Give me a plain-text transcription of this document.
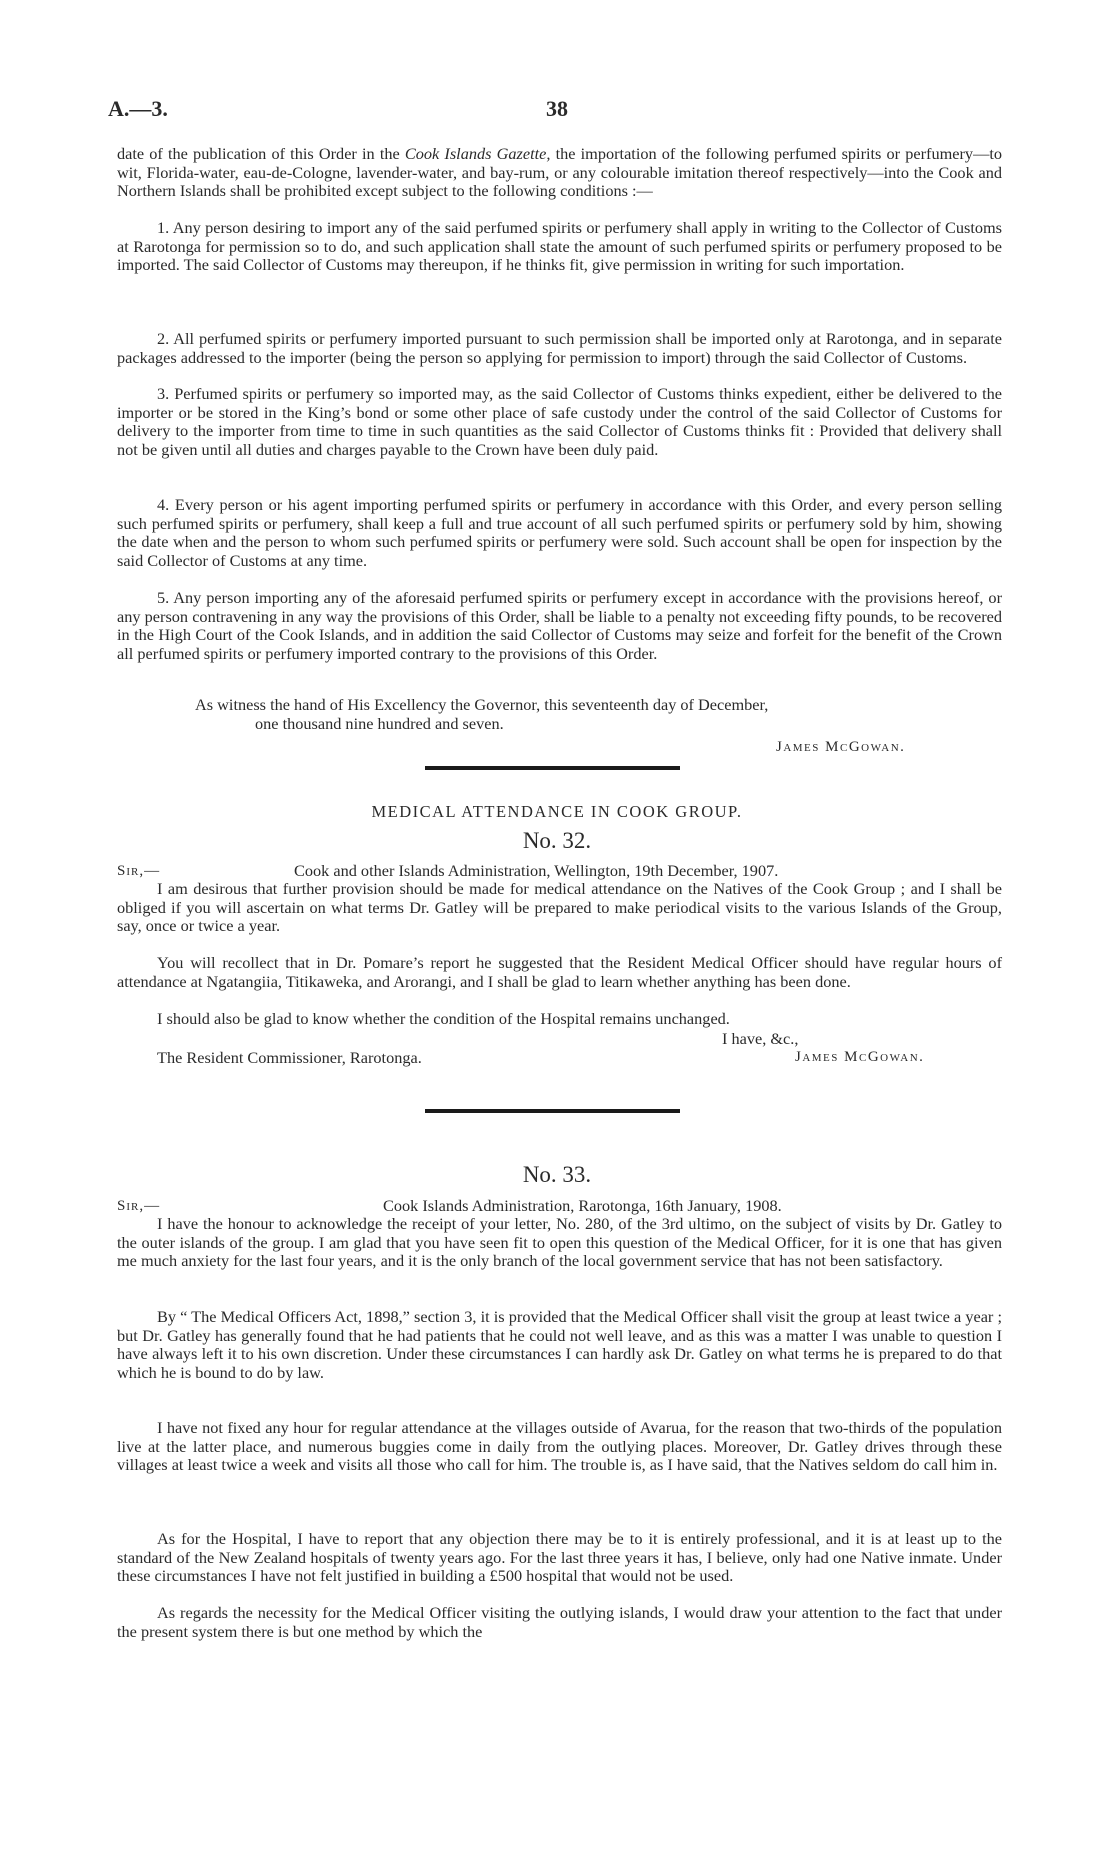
A.—3.	38

date of the publication of this Order in the Cook Islands Gazette, the importation of the following perfumed spirits or perfumery—to wit, Florida-water, eau-de-Cologne, lavender-water, and bay-rum, or any colourable imitation thereof respectively—into the Cook and Northern Islands shall be prohibited except subject to the following conditions :—

1. Any person desiring to import any of the said perfumed spirits or perfumery shall apply in writing to the Collector of Customs at Rarotonga for permission so to do, and such application shall state the amount of such perfumed spirits or perfumery proposed to be imported. The said Collector of Customs may thereupon, if he thinks fit, give permission in writing for such importation.

2. All perfumed spirits or perfumery imported pursuant to such permission shall be imported only at Rarotonga, and in separate packages addressed to the importer (being the person so applying for permission to import) through the said Collector of Customs.

3. Perfumed spirits or perfumery so imported may, as the said Collector of Customs thinks expedient, either be delivered to the importer or be stored in the King’s bond or some other place of safe custody under the control of the said Collector of Customs for delivery to the importer from time to time in such quantities as the said Collector of Customs thinks fit : Provided that delivery shall not be given until all duties and charges payable to the Crown have been duly paid.

4. Every person or his agent importing perfumed spirits or perfumery in accordance with this Order, and every person selling such perfumed spirits or perfumery, shall keep a full and true account of all such perfumed spirits or perfumery sold by him, showing the date when and the person to whom such perfumed spirits or perfumery were sold. Such account shall be open for inspection by the said Collector of Customs at any time.

5. Any person importing any of the aforesaid perfumed spirits or perfumery except in accordance with the provisions hereof, or any person contravening in any way the provisions of this Order, shall be liable to a penalty not exceeding fifty pounds, to be recovered in the High Court of the Cook Islands, and in addition the said Collector of Customs may seize and forfeit for the benefit of the Crown all perfumed spirits or perfumery imported contrary to the provisions of this Order.

As witness the hand of His Excellency the Governor, this seventeenth day of December,
one thousand nine hundred and seven.
James McGowan.
MEDICAL ATTENDANCE IN COOK GROUP.
No. 32.
Sir,—	Cook and other Islands Administration, Wellington, 19th December, 1907.

I am desirous that further provision should be made for medical attendance on the Natives of the Cook Group ; and I shall be obliged if you will ascertain on what terms Dr. Gatley will be prepared to make periodical visits to the various Islands of the Group, say, once or twice a year.

You will recollect that in Dr. Pomare’s report he suggested that the Resident Medical Officer should have regular hours of attendance at Ngatangiia, Titikaweka, and Arorangi, and I shall be glad to learn whether anything has been done.

I should also be glad to know whether the condition of the Hospital remains unchanged.

I have, &c.,
The Resident Commissioner, Rarotonga.	James McGowan.
No. 33.
Sir,—	Cook Islands Administration, Rarotonga, 16th January, 1908.

I have the honour to acknowledge the receipt of your letter, No. 280, of the 3rd ultimo, on the subject of visits by Dr. Gatley to the outer islands of the group. I am glad that you have seen fit to open this question of the Medical Officer, for it is one that has given me much anxiety for the last four years, and it is the only branch of the local government service that has not been satisfactory.

By “ The Medical Officers Act, 1898,” section 3, it is provided that the Medical Officer shall visit the group at least twice a year ; but Dr. Gatley has generally found that he had patients that he could not well leave, and as this was a matter I was unable to question I have always left it to his own discretion. Under these circumstances I can hardly ask Dr. Gatley on what terms he is prepared to do that which he is bound to do by law.

I have not fixed any hour for regular attendance at the villages outside of Avarua, for the reason that two-thirds of the population live at the latter place, and numerous buggies come in daily from the outlying places. Moreover, Dr. Gatley drives through these villages at least twice a week and visits all those who call for him. The trouble is, as I have said, that the Natives seldom do call him in.

As for the Hospital, I have to report that any objection there may be to it is entirely professional, and it is at least up to the standard of the New Zealand hospitals of twenty years ago. For the last three years it has, I believe, only had one Native inmate. Under these circumstances I have not felt justified in building a £500 hospital that would not be used.

As regards the necessity for the Medical Officer visiting the outlying islands, I would draw your attention to the fact that under the present system there is but one method by which the
